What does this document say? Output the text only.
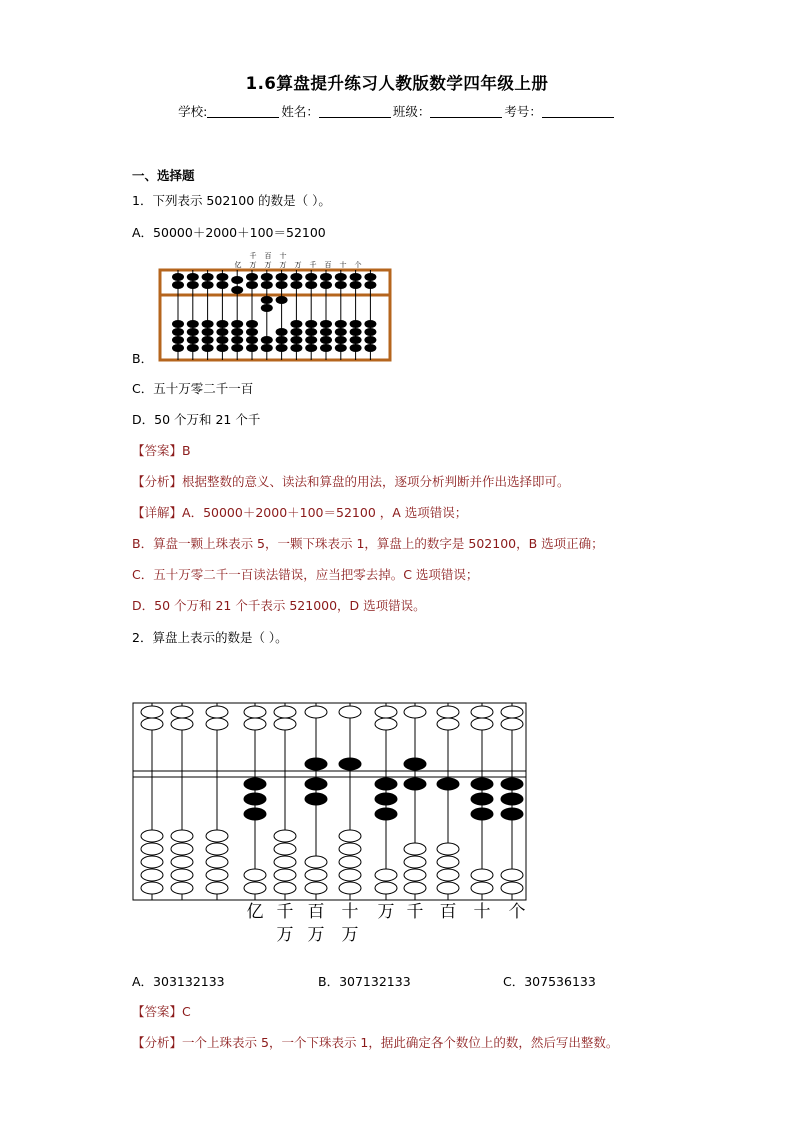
1.6算盘提升练习人教版数学四年级上册
学校:	姓名：	班级：	考号：
一、选择题
1．下列表示 502100 的数是（ ）。
A．50000＋2000＋100＝52100
千 百 十
亿 万 万 万 万 千 百 十 个
B．
C．五十万零二千一百
D．50 个万和 21 个千
【答案】B
【分析】根据整数的意义、读法和算盘的用法，逐项分析判断并作出选择即可。
【详解】A．50000＋2000＋100＝52100 ，A 选项错误；
B．算盘一颗上珠表示 5，一颗下珠表示 1，算盘上的数字是 502100，B 选项正确；
C．五十万零二千一百读法错误，应当把零去掉。C 选项错误；
D．50 个万和 21 个千表示 521000，D 选项错误。
2．算盘上表示的数是（ ）。
亿 千 百 十 万 千 百 十 个
万 万 万
A．303132133	B．307132133	C．307536133
【答案】C
【分析】一个上珠表示 5，一个下珠表示 1，据此确定各个数位上的数，然后写出整数。
